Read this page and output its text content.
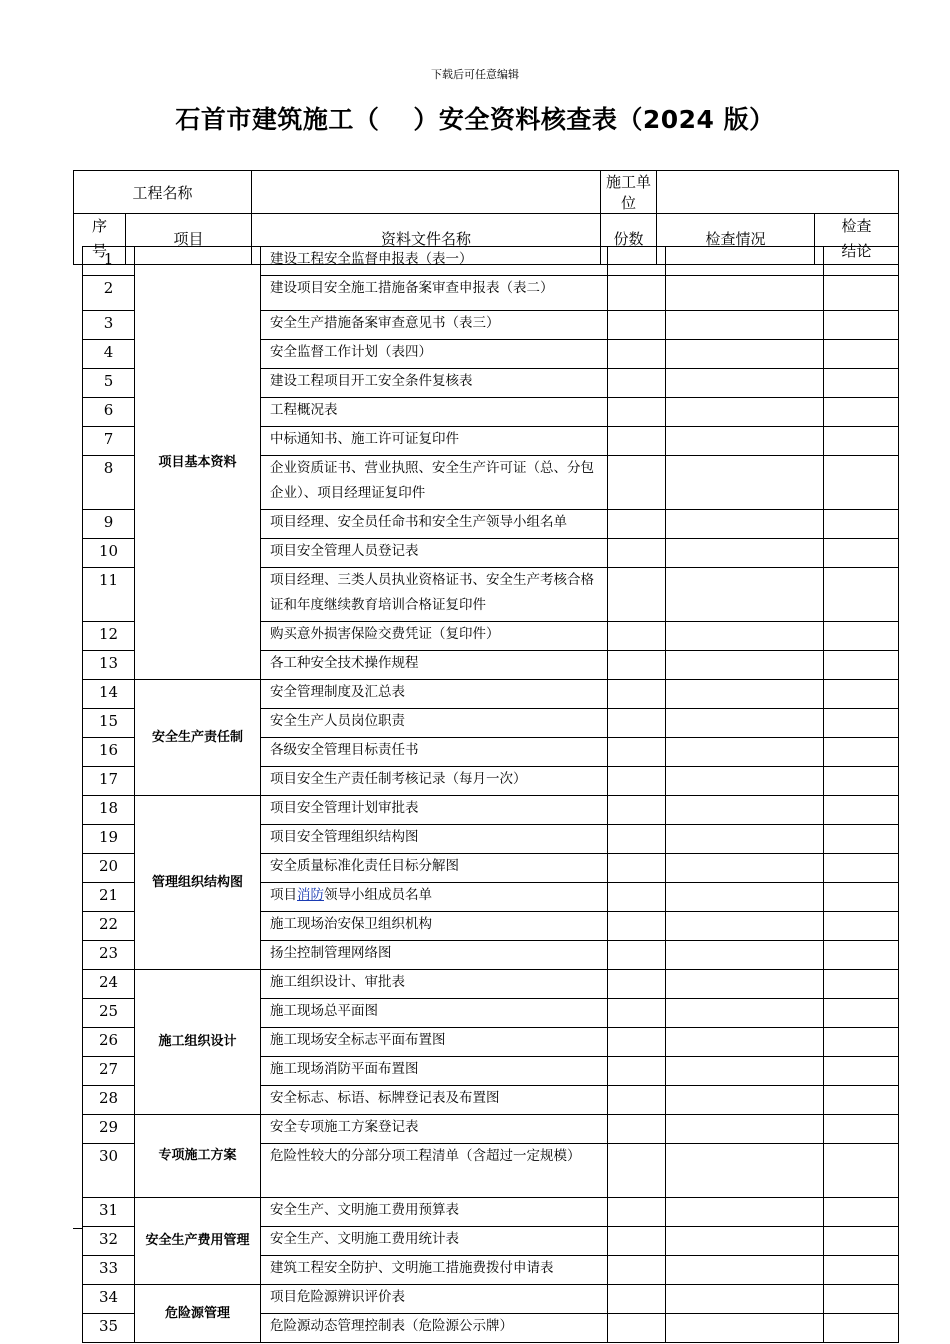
下载后可任意编辑
石首市建筑施工（ ）安全资料核查表（2024 版）
工程名称			施工单位		
序号	项目	资料文件名称	份数	检查情况	检查结论
1	项目基本资料	建设工程安全监督申报表（表一）			
2		建设项目安全施工措施备案审查申报表（表二）			
3		安全生产措施备案审查意见书（表三）			
4		安全监督工作计划（表四）			
5		建设工程项目开工安全条件复核表			
6		工程概况表			
7		中标通知书、施工许可证复印件			
8		企业资质证书、营业执照、安全生产许可证（总、分包企业）、项目经理证复印件			
9		项目经理、安全员任命书和安全生产领导小组名单			
10		项目安全管理人员登记表			
11		项目经理、三类人员执业资格证书、安全生产考核合格证和年度继续教育培训合格证复印件			
12		购买意外损害保险交费凭证（复印件）			
13		各工种安全技术操作规程			
14	安全生产责任制	安全管理制度及汇总表			
15		安全生产人员岗位职责			
16		各级安全管理目标责任书			
17		项目安全生产责任制考核记录（每月一次）			
18	管理组织结构图	项目安全管理计划审批表			
19		项目安全管理组织结构图			
20		安全质量标准化责任目标分解图			
21		项目消防领导小组成员名单			
22		施工现场治安保卫组织机构			
23		扬尘控制管理网络图			
24	施工组织设计	施工组织设计、审批表			
25		施工现场总平面图			
26		施工现场安全标志平面布置图			
27		施工现场消防平面布置图			
28		安全标志、标语、标牌登记表及布置图			
29	专项施工方案	安全专项施工方案登记表			
30		危险性较大的分部分项工程清单（含超过一定规模）			
31	安全生产费用管理	安全生产、文明施工费用预算表			
32		安全生产、文明施工费用统计表			
33		建筑工程安全防护、文明施工措施费拨付申请表			
34	危险源管理	项目危险源辨识评价表			
35		危险源动态管理控制表（危险源公示牌）			
